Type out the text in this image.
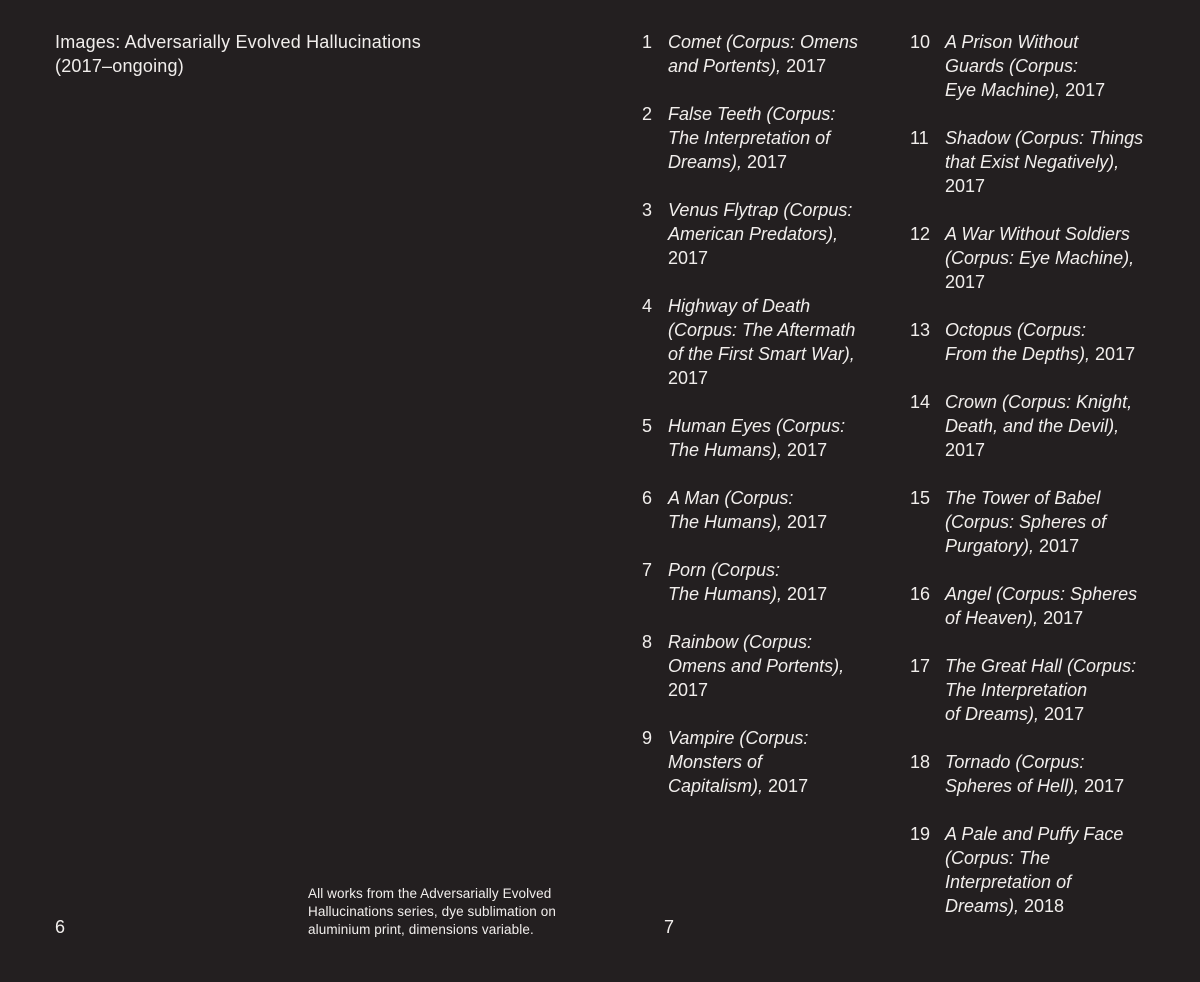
Images: Adversarially Evolved Hallucinations
(2017–ongoing)
1 Comet (Corpus: Omens
and Portents), 2017
2 False Teeth (Corpus:
The Interpretation of
Dreams), 2017
3 Venus Flytrap (Corpus:
American Predators),
2017
4 Highway of Death
(Corpus: The Aftermath
of the First Smart War),
2017
5 Human Eyes (Corpus:
The Humans), 2017
6 A Man (Corpus:
The Humans), 2017
7 Porn (Corpus:
The Humans), 2017
8 Rainbow (Corpus:
Omens and Portents),
2017
9 Vampire (Corpus:
Monsters of
Capitalism), 2017
10 A Prison Without
Guards (Corpus:
Eye Machine), 2017
11 Shadow (Corpus: Things
that Exist Negatively),
2017
12 A War Without Soldiers
(Corpus: Eye Machine),
2017
13 Octopus (Corpus:
From the Depths), 2017
14 Crown (Corpus: Knight,
Death, and the Devil),
2017
15 The Tower of Babel
(Corpus: Spheres of
Purgatory), 2017
16 Angel (Corpus: Spheres
of Heaven), 2017
17 The Great Hall (Corpus:
The Interpretation
of Dreams), 2017
18 Tornado (Corpus:
Spheres of Hell), 2017
19 A Pale and Puffy Face
(Corpus: The
Interpretation of
Dreams), 2018
All works from the Adversarially Evolved
Hallucinations series, dye sublimation on
aluminium print, dimensions variable.
6	7
